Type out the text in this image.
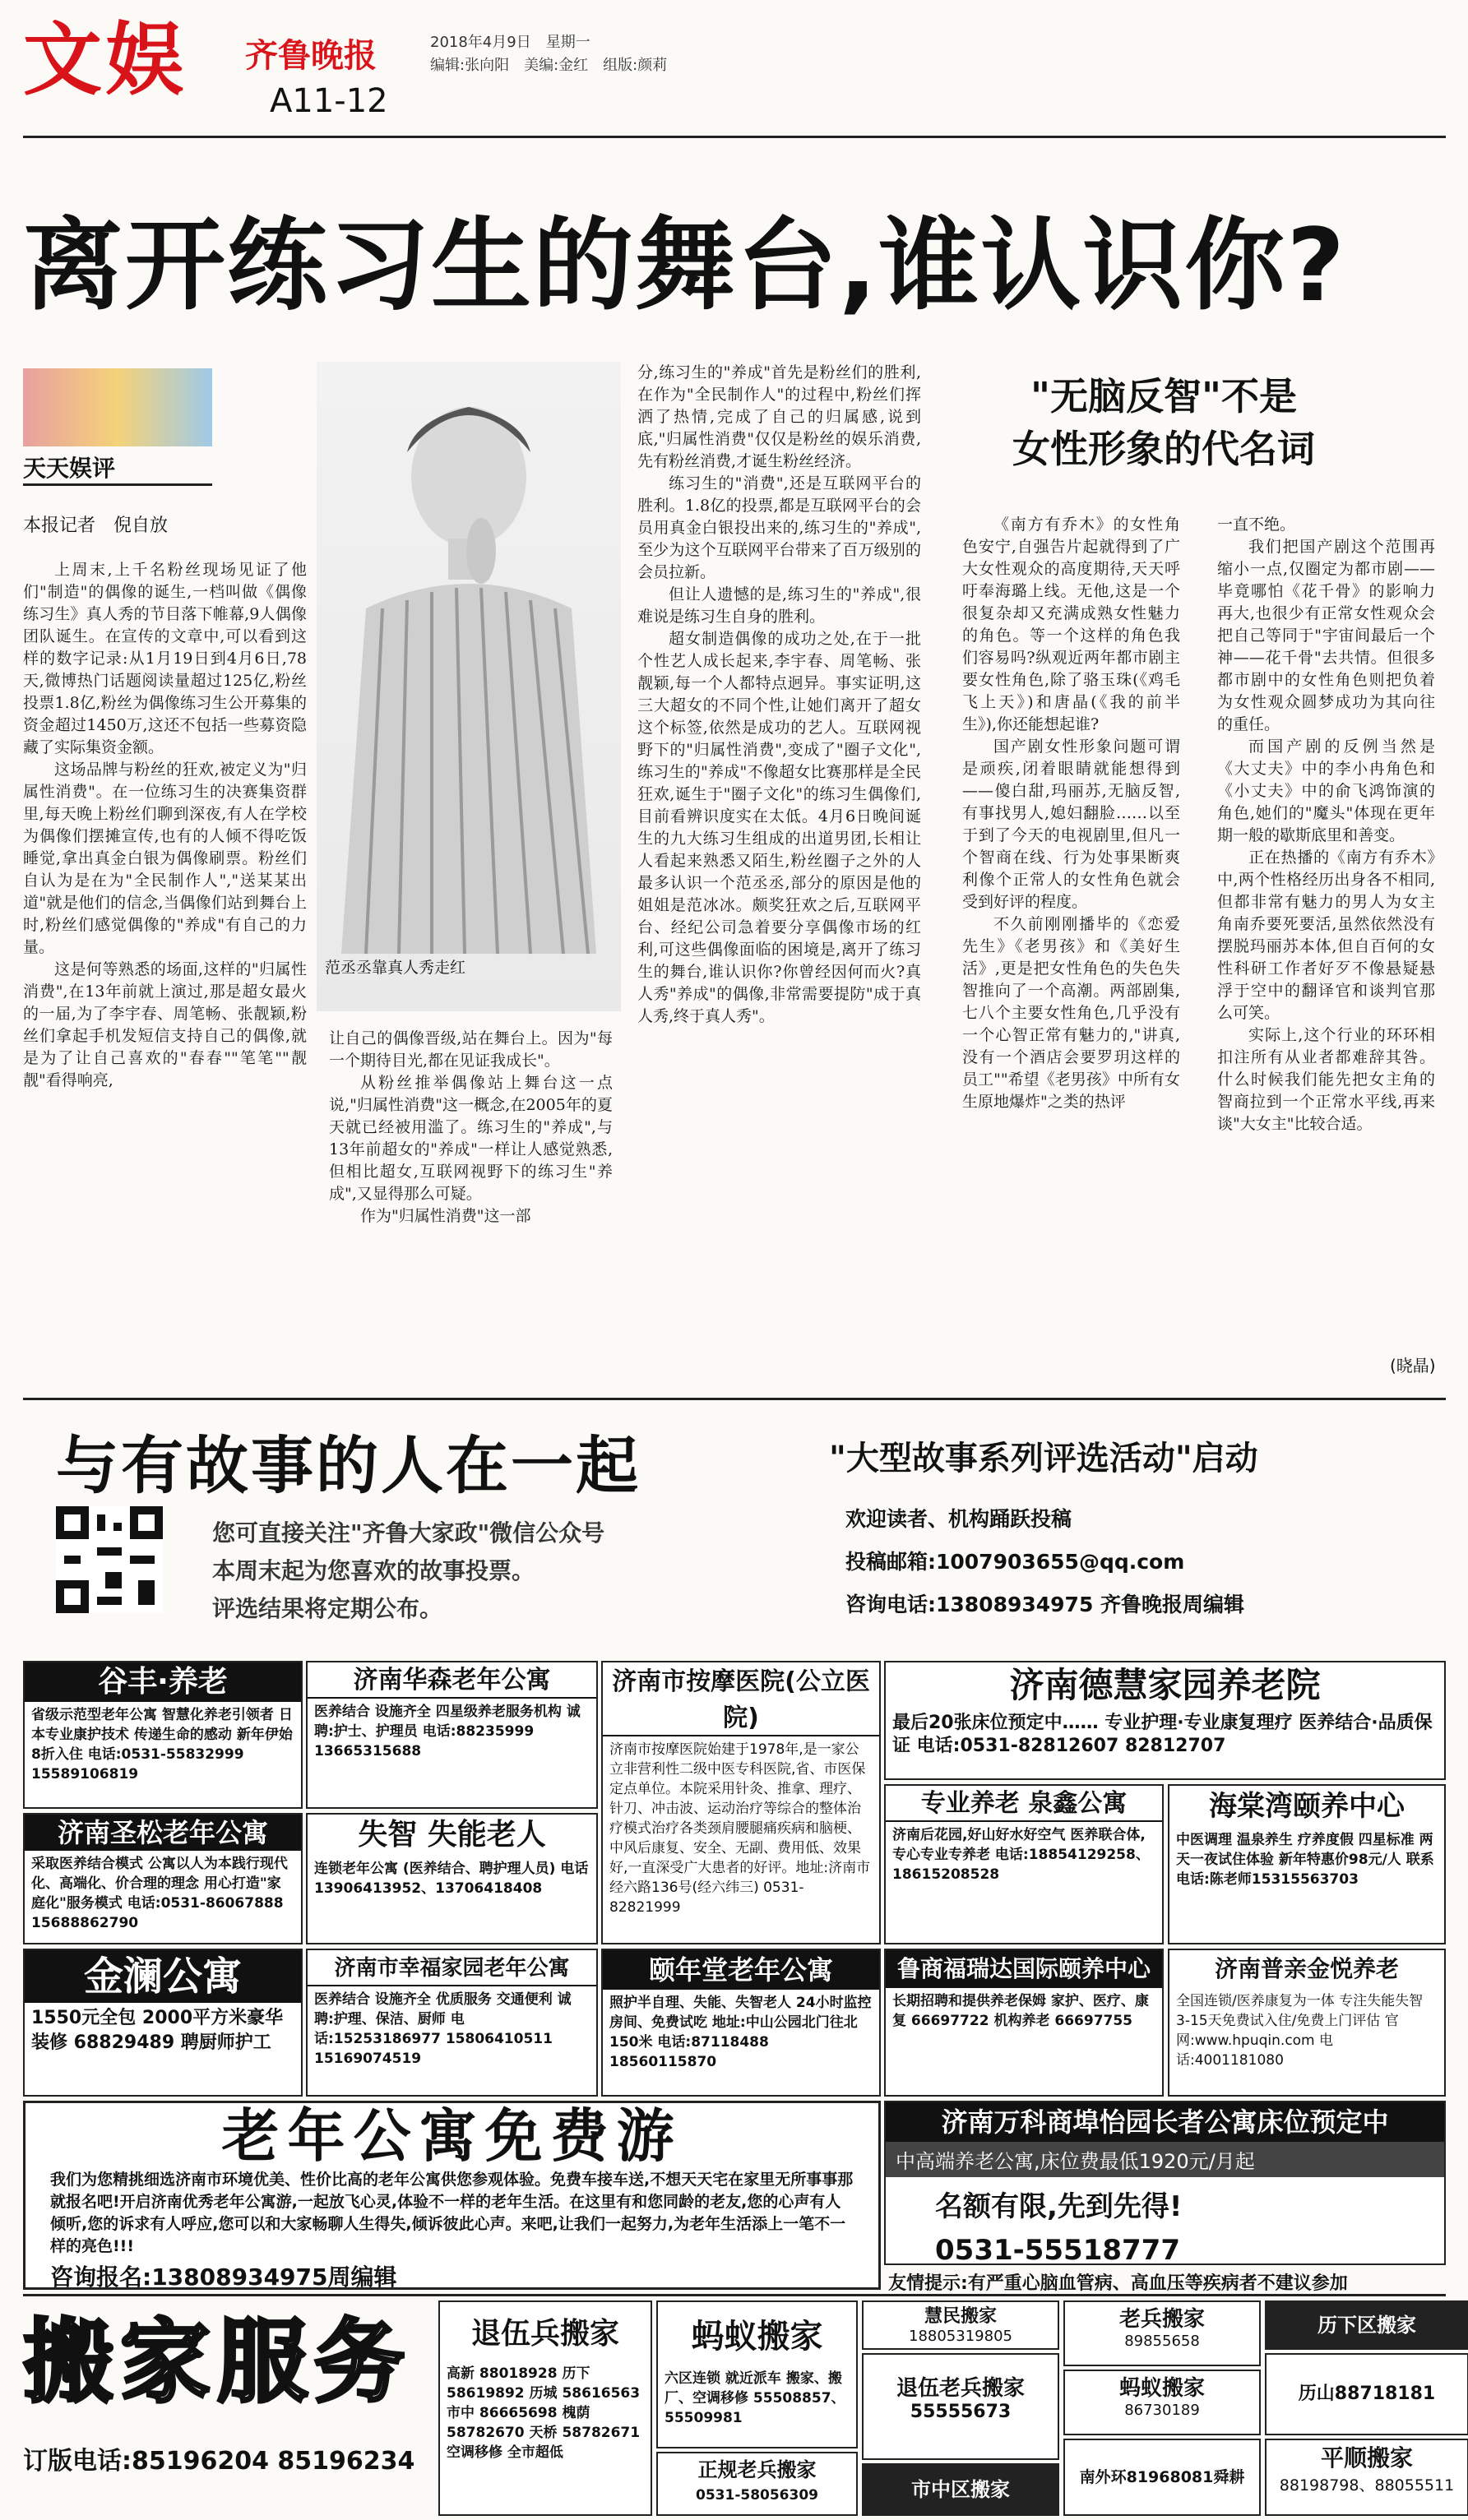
文娱 齐鲁晚报	2018年4月9日　星期一
编辑:张向阳　美编:金红　组版:颜莉
A11-12
离开练习生的舞台,谁认识你?
天天娱评
本报记者　倪自放

上周末,上千名粉丝现场见证了他们"制造"的偶像的诞生,一档叫做《偶像练习生》真人秀的节目落下帷幕,9人偶像团队诞生。在宣传的文章中,可以看到这样的数字记录:从1月19日到4月6日,78天,微博热门话题阅读量超过125亿,粉丝投票1.8亿,粉丝为偶像练习生公开募集的资金超过1450万,这还不包括一些募资隐藏了实际集资金额。

这场品牌与粉丝的狂欢,被定义为"归属性消费"。在一位练习生的决赛集资群里,每天晚上粉丝们聊到深夜,有人在学校为偶像们摆摊宣传,也有的人倾不得吃饭睡觉,拿出真金白银为偶像刷票。粉丝们自认为是在为"全民制作人","送某某出道"就是他们的信念,当偶像们站到舞台上时,粉丝们感觉偶像的"养成"有自己的力量。

这是何等熟悉的场面,这样的"归属性消费",在13年前就上演过,那是超女最火的一届,为了李宇春、周笔畅、张靓颖,粉丝们拿起手机发短信支持自己的偶像,就是为了让自己喜欢的"春春""笔笔""靓靓"看得响亮,

范丞丞靠真人秀走红

让自己的偶像晋级,站在舞台上。因为"每一个期待目光,都在见证我成长"。

从粉丝推举偶像站上舞台这一点说,"归属性消费"这一概念,在2005年的夏天就已经被用滥了。练习生的"养成",与13年前超女的"养成"一样让人感觉熟悉,但相比超女,互联网视野下的练习生"养成",又显得那么可疑。

作为"归属性消费"这一部

分,练习生的"养成"首先是粉丝们的胜利,在作为"全民制作人"的过程中,粉丝们挥洒了热情,完成了自己的归属感,说到底,"归属性消费"仅仅是粉丝的娱乐消费,先有粉丝消费,才诞生粉丝经济。

练习生的"消费",还是互联网平台的胜利。1.8亿的投票,都是互联网平台的会员用真金白银投出来的,练习生的"养成",至少为这个互联网平台带来了百万级别的会员拉新。

但让人遗憾的是,练习生的"养成",很难说是练习生自身的胜利。

超女制造偶像的成功之处,在于一批个性艺人成长起来,李宇春、周笔畅、张靓颖,每一个人都特点迥异。事实证明,这三大超女的不同个性,让她们离开了超女这个标签,依然是成功的艺人。互联网视野下的"归属性消费",变成了"圈子文化",练习生的"养成"不像超女比赛那样是全民狂欢,诞生于"圈子文化"的练习生偶像们,目前看辨识度实在太低。4月6日晚间诞生的九大练习生组成的出道男团,长相让人看起来熟悉又陌生,粉丝圈子之外的人最多认识一个范丞丞,部分的原因是他的姐姐是范冰冰。颇奖狂欢之后,互联网平台、经纪公司急着要分享偶像市场的红利,可这些偶像面临的困境是,离开了练习生的舞台,谁认识你?你曾经因何而火?真人秀"养成"的偶像,非常需要提防"成于真人秀,终于真人秀"。

"无脑反智"不是
女性形象的代名词

《南方有乔木》的女性角色安宁,自强告片起就得到了广大女性观众的高度期待,天天呼吁奉海璐上线。无他,这是一个很复杂却又充满成熟女性魅力的角色。等一个这样的角色我们容易吗?纵观近两年都市剧主要女性角色,除了骆玉珠(《鸡毛飞上天》)和唐晶(《我的前半生》),你还能想起谁?

国产剧女性形象问题可谓是顽疾,闭着眼睛就能想得到——傻白甜,玛丽苏,无脑反智,有事找男人,媳妇翻脸……以至于到了今天的电视剧里,但凡一个智商在线、行为处事果断爽利像个正常人的女性角色就会受到好评的程度。

不久前刚刚播毕的《恋爱先生》《老男孩》和《美好生活》,更是把女性角色的失色失智推向了一个高潮。两部剧集,七八个主要女性角色,几乎没有一个心智正常有魅力的,"讲真,没有一个酒店会要罗玥这样的员工""希望《老男孩》中所有女生原地爆炸"之类的热评

一直不绝。

我们把国产剧这个范围再缩小一点,仅圈定为都市剧——毕竟哪怕《花千骨》的影响力再大,也很少有正常女性观众会把自己等同于"宇宙间最后一个神——花千骨"去共情。但很多都市剧中的女性角色则把负着为女性观众圆梦成功为其向往的重任。

而国产剧的反例当然是《大丈夫》中的李小冉角色和《小丈夫》中的俞飞鸿饰演的角色,她们的"魔头"体现在更年期一般的歇斯底里和善变。

正在热播的《南方有乔木》中,两个性格经历出身各不相同,但都非常有魅力的男人为女主角南乔要死要活,虽然依然没有摆脱玛丽苏本体,但自百何的女性科研工作者好歹不像悬疑悬浮于空中的翻译官和谈判官那么可笑。

实际上,这个行业的环环相扣注所有从业者都难辞其咎。什么时候我们能先把女主角的智商拉到一个正常水平线,再来谈"大女主"比较合适。

(晓晶)
与有故事的人在一起	"大型故事系列评选活动"启动
您可直接关注"齐鲁大家政"微信公众号
本周末起为您喜欢的故事投票。
评选结果将定期公布。
欢迎读者、机构踊跃投稿
投稿邮箱:1007903655@qq.com
咨询电话:13808934975 齐鲁晚报周编辑
谷丰·养老
省级示范型老年公寓 智慧化养老引领者 日本专业康护技术 传递生命的感动 新年伊始8折入住 电话:0531-55832999 15589106819
济南华森老年公寓
医养结合 设施齐全 四星级养老服务机构 诚聘:护士、护理员 电话:88235999 13665315688
济南市按摩医院(公立医院)
济南市按摩医院始建于1978年,是一家公立非营利性二级中医专科医院,省、市医保定点单位。本院采用针灸、推拿、理疗、针刀、冲击波、运动治疗等综合的整体治疗模式治疗各类颈肩腰腿痛疾病和脑梗、中风后康复、安全、无副、费用低、效果好,一直深受广大患者的好评。地址:济南市经六路136号(经六纬三) 0531-82821999
济南德慧家园养老院
最后20张床位预定中…… 专业护理·专业康复理疗 医养结合·品质保证 电话:0531-82812607 82812707
济南圣松老年公寓
采取医养结合模式 公寓以人为本践行现代化、高端化、价合理的理念 用心打造"家庭化"服务模式 电话:0531-86067888 15688862790
失智 失能老人
连锁老年公寓 (医养结合、聘护理人员) 电话13906413952、13706418408
专业养老 泉鑫公寓
济南后花园,好山好水好空气 医养联合体,专心专业专养老 电话:18854129258、18615208528
海棠湾颐养中心
中医调理 温泉养生 疗养度假 四星标准 两天一夜试住体验 新年特惠价98元/人 联系电话:陈老师15315563703
金澜公寓
1550元全包 2000平方米豪华装修 68829489 聘厨师护工
济南市幸福家园老年公寓
医养结合 设施齐全 优质服务 交通便利 诚聘:护理、保洁、厨师 电话:15253186977 15806410511 15169074519
颐年堂老年公寓
照护半自理、失能、失智老人 24小时监控房间、免费试吃 地址:中山公园北门往北150米 电话:87118488 18560115870
鲁商福瑞达国际颐养中心
长期招聘和提供养老保姆 家护、医疗、康复 66697722 机构养老 66697755
济南普亲金悦养老
全国连锁/医养康复为一体 专注失能失智 3-15天免费试入住/免费上门评估 官网:www.hpuqin.com 电话:4001181080
老年公寓免费游
我们为您精挑细选济南市环境优美、性价比高的老年公寓供您参观体验。免费车接车送,不想天天宅在家里无所事事那就报名吧!开启济南优秀老年公寓游,一起放飞心灵,体验不一样的老年生活。在这里有和您同龄的老友,您的心声有人倾听,您的诉求有人呼应,您可以和大家畅聊人生得失,倾诉彼此心声。来吧,让我们一起努力,为老年生活添上一笔不一样的亮色!!!
咨询报名:13808934975周编辑
济南万科商埠怡园长者公寓床位预定中
中高端养老公寓,床位费最低1920元/月起
名额有限,先到先得!
0531-55518777
友情提示:有严重心脑血管病、高血压等疾病者不建议参加
搬家服务
订版电话:85196204 85196234
退伍兵搬家
高新 88018928 历下 58619892 历城 58616563 市中 86665698 槐荫 58782670 天桥 58782671 空调移修 全市超低
蚂蚁搬家
六区连锁 就近派车 搬家、搬厂、空调移修 55508857、55509981
正规老兵搬家
0531-58056309
慧民搬家
18805319805
退伍老兵搬家
55555673
市中区搬家
老兵搬家
89855658
蚂蚁搬家
86730189
南外环81968081舜耕
历下区搬家
历山88718181
平顺搬家
88198798、88055511
